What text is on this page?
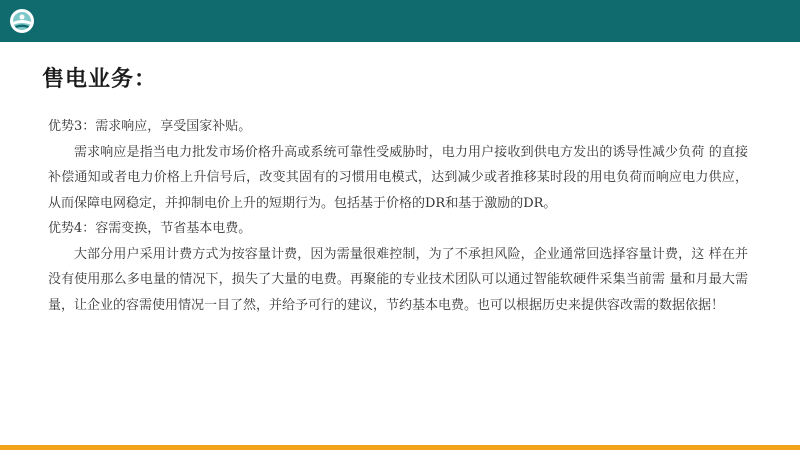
售电业务：

优势3：需求响应，享受国家补贴。

需求响应是指当电力批发市场价格升高或系统可靠性受威胁时，电力用户接收到供电方发出的诱导性减少负荷 的直接补偿通知或者电力价格上升信号后，改变其固有的习惯用电模式，达到减少或者推移某时段的用电负荷而响应电力供应，从而保障电网稳定，并抑制电价上升的短期行为。包括基于价格的DR和基于激励的DR。

优势4：容需变换，节省基本电费。

大部分用户采用计费方式为按容量计费，因为需量很难控制，为了不承担风险，企业通常回选择容量计费，这 样在并没有使用那么多电量的情况下，损失了大量的电费。再聚能的专业技术团队可以通过智能软硬件采集当前需 量和月最大需量，让企业的容需使用情况一目了然，并给予可行的建议，节约基本电费。也可以根据历史来提供容改需的数据依据！
